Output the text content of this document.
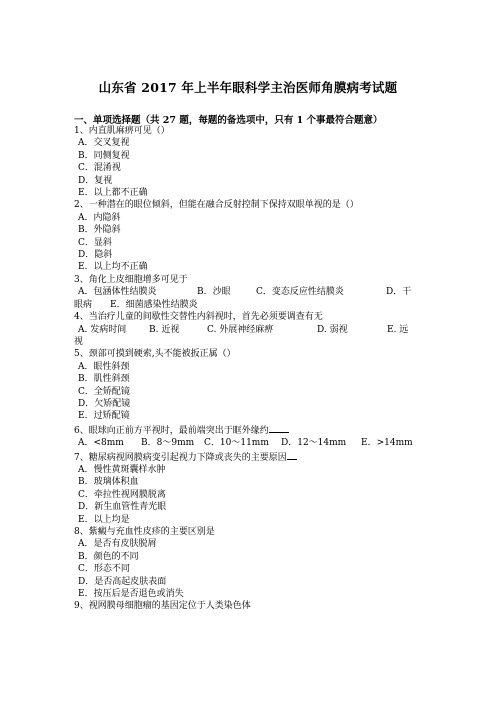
山东省 2017 年上半年眼科学主治医师角膜病考试题
一、单项选择题（共 27 题，每题的备选项中，只有 1 个事最符合题意）
1、内直肌麻痹可见（）
A．交叉复视
B．同侧复视
C．混淆视
D．复视
E．以上都不正确
2、一种潜在的眼位倾斜，但能在融合反射控制下保持双眼单视的是（）
A．内隐斜
B．外隐斜
C．显斜
D．隐斜
E．以上均不正确
3、角化上皮细胞增多可见于
A．包涵体性结膜炎	B．沙眼	C．变态反应性结膜炎	D．干
眼病 E．细菌感染性结膜炎
4、当治疗儿童的间歇性交替性内斜视时，首先必须要调查有无
A. 发病时间	B. 近视	C. 外展神经麻痹	D. 弱视	E. 远
视
5、颈部可摸到硬索,头不能被扳正属（）
A．眼性斜颈
B．肌性斜颈
C．全矫配镜
D．欠矫配镜
E．过矫配镜
6、眼球向正前方平视时，最前端突出于眶外缘约
A．<8mm B．8～9mm C．10～11mm D．12～14mm E．>14mm
7、糖尿病视网膜病变引起视力下降或丧失的主要原因
A．慢性黄斑囊样水肿
B．玻璃体积血
C．牵拉性视网膜脱离
D．新生血管性青光眼
E．以上均是
8、紫癜与充血性皮疹的主要区别是
A．是否有皮肤脱屑
B．颜色的不同
C．形态不同
D．是否高起皮肤表面
E．按压后是否退色或消失
9、视网膜母细胞瘤的基因定位于人类染色体
